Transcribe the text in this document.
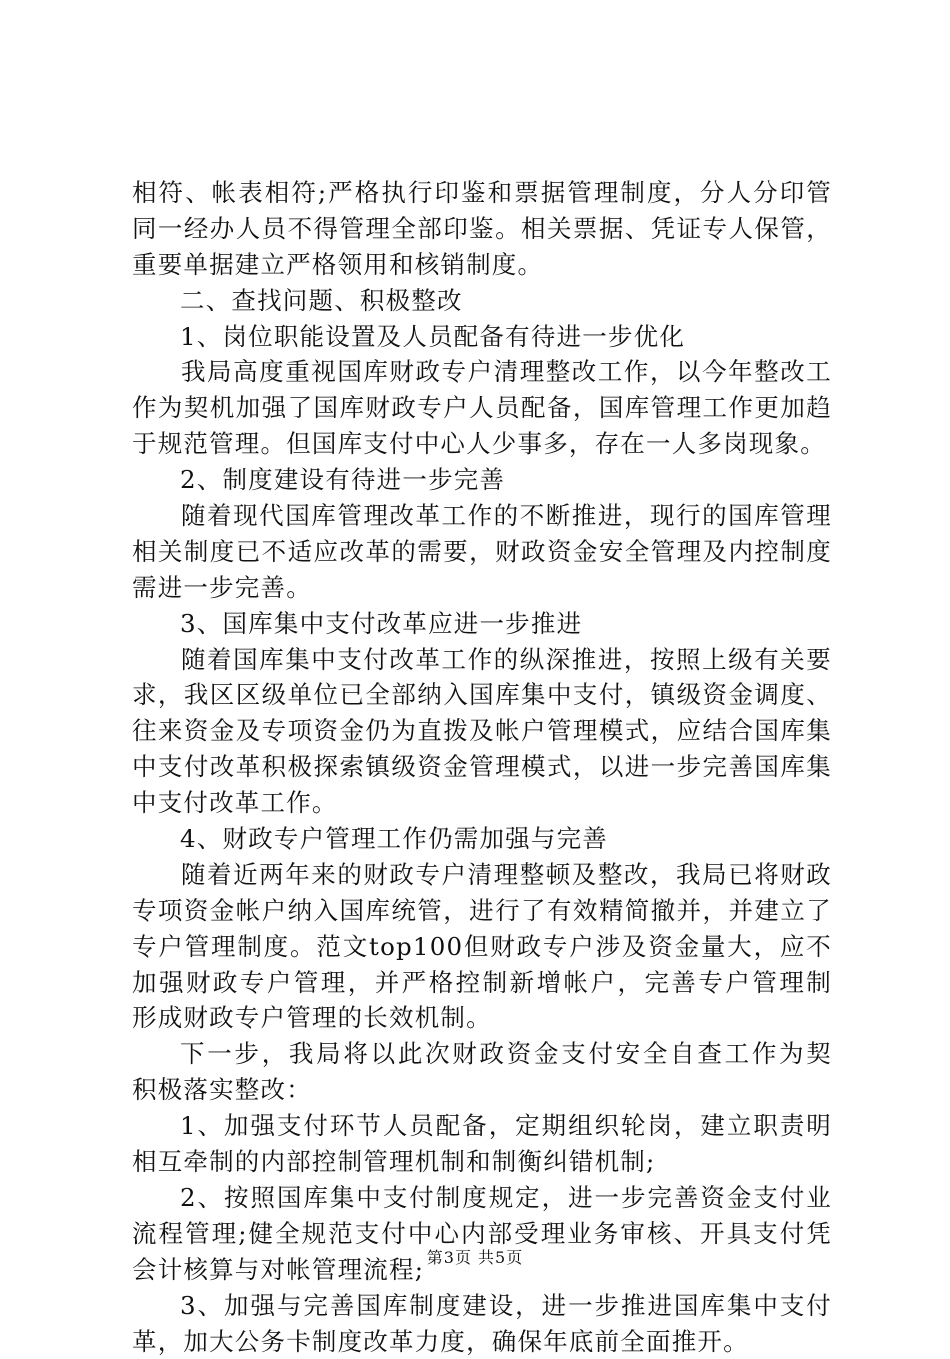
相符、帐表相符;严格执行印鉴和票据管理制度，分人分印管
同一经办人员不得管理全部印鉴。相关票据、凭证专人保管，
重要单据建立严格领用和核销制度。
二、查找问题、积极整改
1、岗位职能设置及人员配备有待进一步优化
我局高度重视国库财政专户清理整改工作，以今年整改工
作为契机加强了国库财政专户人员配备，国库管理工作更加趋
于规范管理。但国库支付中心人少事多，存在一人多岗现象。
2、制度建设有待进一步完善
随着现代国库管理改革工作的不断推进，现行的国库管理
相关制度已不适应改革的需要，财政资金安全管理及内控制度
需进一步完善。
3、国库集中支付改革应进一步推进
随着国库集中支付改革工作的纵深推进，按照上级有关要
求，我区区级单位已全部纳入国库集中支付，镇级资金调度、
往来资金及专项资金仍为直拨及帐户管理模式，应结合国库集
中支付改革积极探索镇级资金管理模式，以进一步完善国库集
中支付改革工作。
4、财政专户管理工作仍需加强与完善
随着近两年来的财政专户清理整顿及整改，我局已将财政
专项资金帐户纳入国库统管，进行了有效精简撤并，并建立了
专户管理制度。范文top100但财政专户涉及资金量大，应不
加强财政专户管理，并严格控制新增帐户，完善专户管理制
形成财政专户管理的长效机制。
下一步，我局将以此次财政资金支付安全自查工作为契
积极落实整改：
1、加强支付环节人员配备，定期组织轮岗，建立职责明
相互牵制的内部控制管理机制和制衡纠错机制;
2、按照国库集中支付制度规定，进一步完善资金支付业
流程管理;健全规范支付中心内部受理业务审核、开具支付凭
会计核算与对帐管理流程;
3、加强与完善国库制度建设，进一步推进国库集中支付
革，加大公务卡制度改革力度，确保年底前全面推开。
第3页 共5页
